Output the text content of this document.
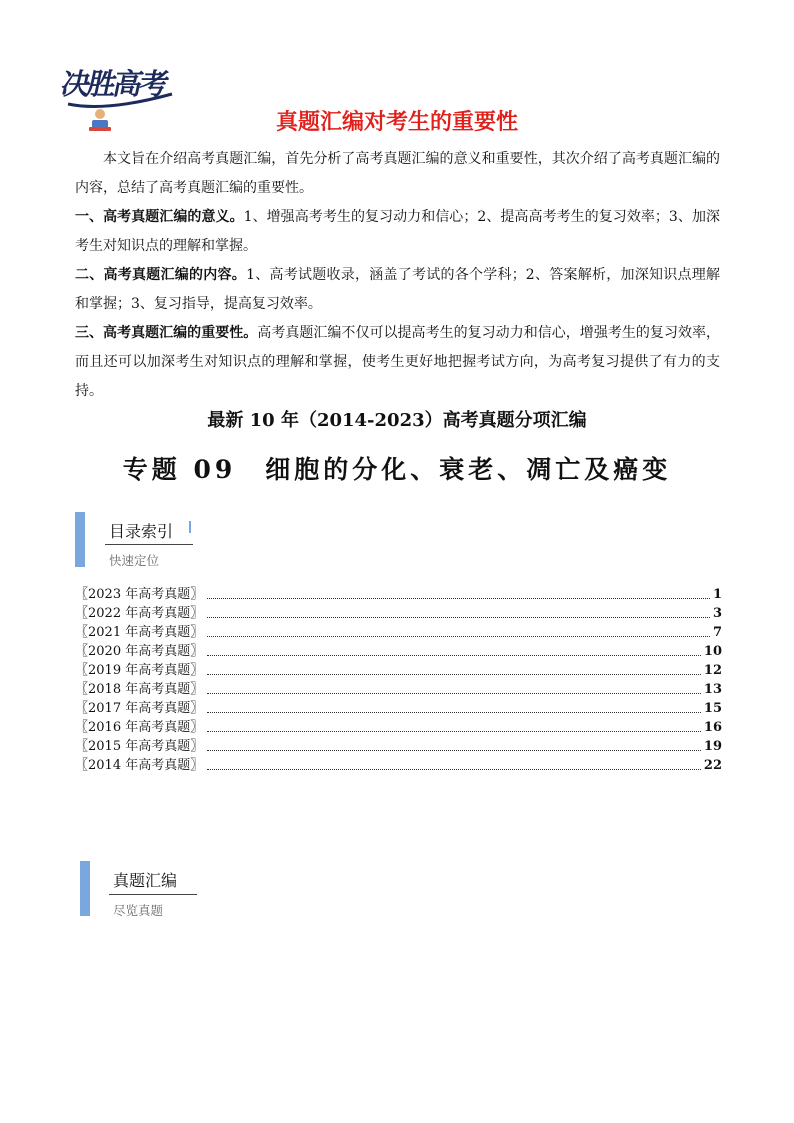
决胜高考
真题汇编对考生的重要性

本文旨在介绍高考真题汇编，首先分析了高考真题汇编的意义和重要性，其次介绍了高考真题汇编的内容，总结了高考真题汇编的重要性。

一、高考真题汇编的意义。1、增强高考考生的复习动力和信心；2、提高高考考生的复习效率；3、加深考生对知识点的理解和掌握。

二、高考真题汇编的内容。1、高考试题收录，涵盖了考试的各个学科；2、答案解析，加深知识点理解和掌握；3、复习指导，提高复习效率。

三、高考真题汇编的重要性。高考真题汇编不仅可以提高考生的复习动力和信心，增强考生的复习效率，而且还可以加深考生对知识点的理解和掌握，使考生更好地把握考试方向，为高考复习提供了有力的支持。

最新 10 年（2014-2023）高考真题分项汇编
专题 09　细胞的分化、衰老、凋亡及癌变
目录索引
快速定位
〖2023 年高考真题〗	1
〖2022 年高考真题〗	3
〖2021 年高考真题〗	7
〖2020 年高考真题〗	10
〖2019 年高考真题〗	12
〖2018 年高考真题〗	13
〖2017 年高考真题〗	15
〖2016 年高考真题〗	16
〖2015 年高考真题〗	19
〖2014 年高考真题〗	22
真题汇编
尽览真题
